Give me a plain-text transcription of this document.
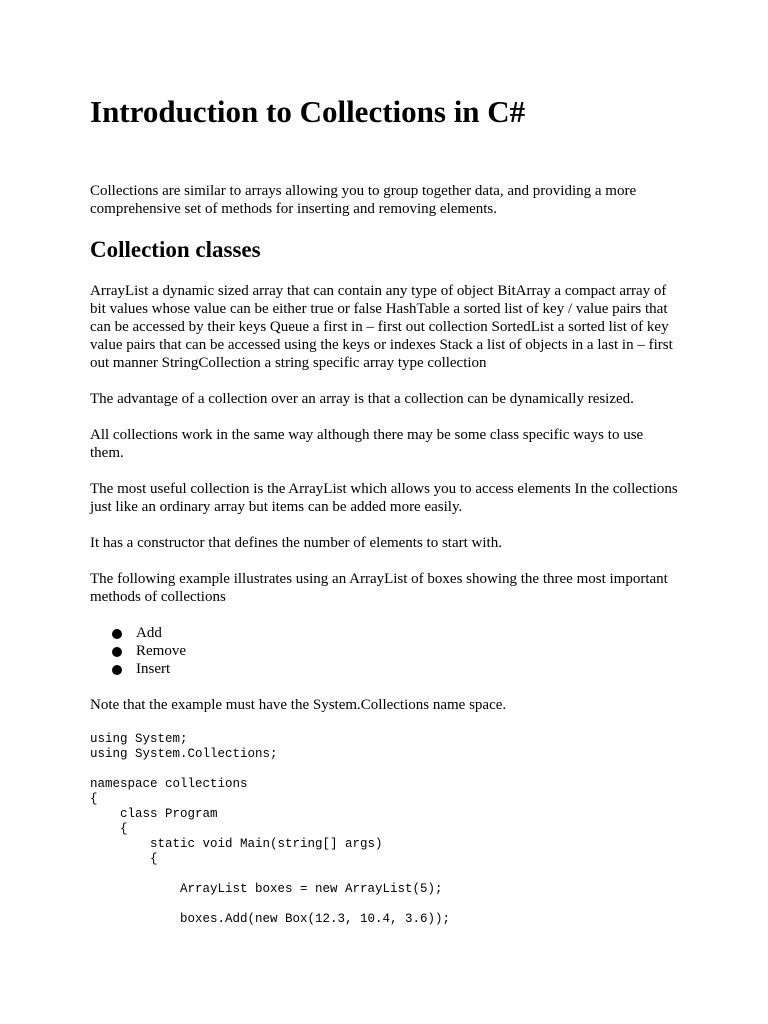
Introduction to Collections in C#

Collections are similar to arrays allowing you to group together data, and providing a more comprehensive set of methods for inserting and removing elements.

Collection classes

ArrayList a dynamic sized array that can contain any type of object BitArray a compact array of bit values whose value can be either true or false HashTable a sorted list of key / value pairs that can be accessed by their keys Queue a first in – first out collection SortedList a sorted list of key value pairs that can be accessed using the keys or indexes Stack a list of objects in a last in – first out manner StringCollection a string specific array type collection

The advantage of a collection over an array is that a collection can be dynamically resized.

All collections work in the same way although there may be some class specific ways to use them.

The most useful collection is the ArrayList which allows you to access elements In the collections just like an ordinary array but items can be added more easily.

It has a constructor that defines the number of elements to start with.

The following example illustrates using an ArrayList of boxes showing the three most important methods of collections

Add
Remove
Insert

Note that the example must have the System.Collections name space.

using System;
using System.Collections;

namespace collections
{
class Program
{
static void Main(string[] args)
{

ArrayList boxes = new ArrayList(5);

boxes.Add(new Box(12.3, 10.4, 3.6));
